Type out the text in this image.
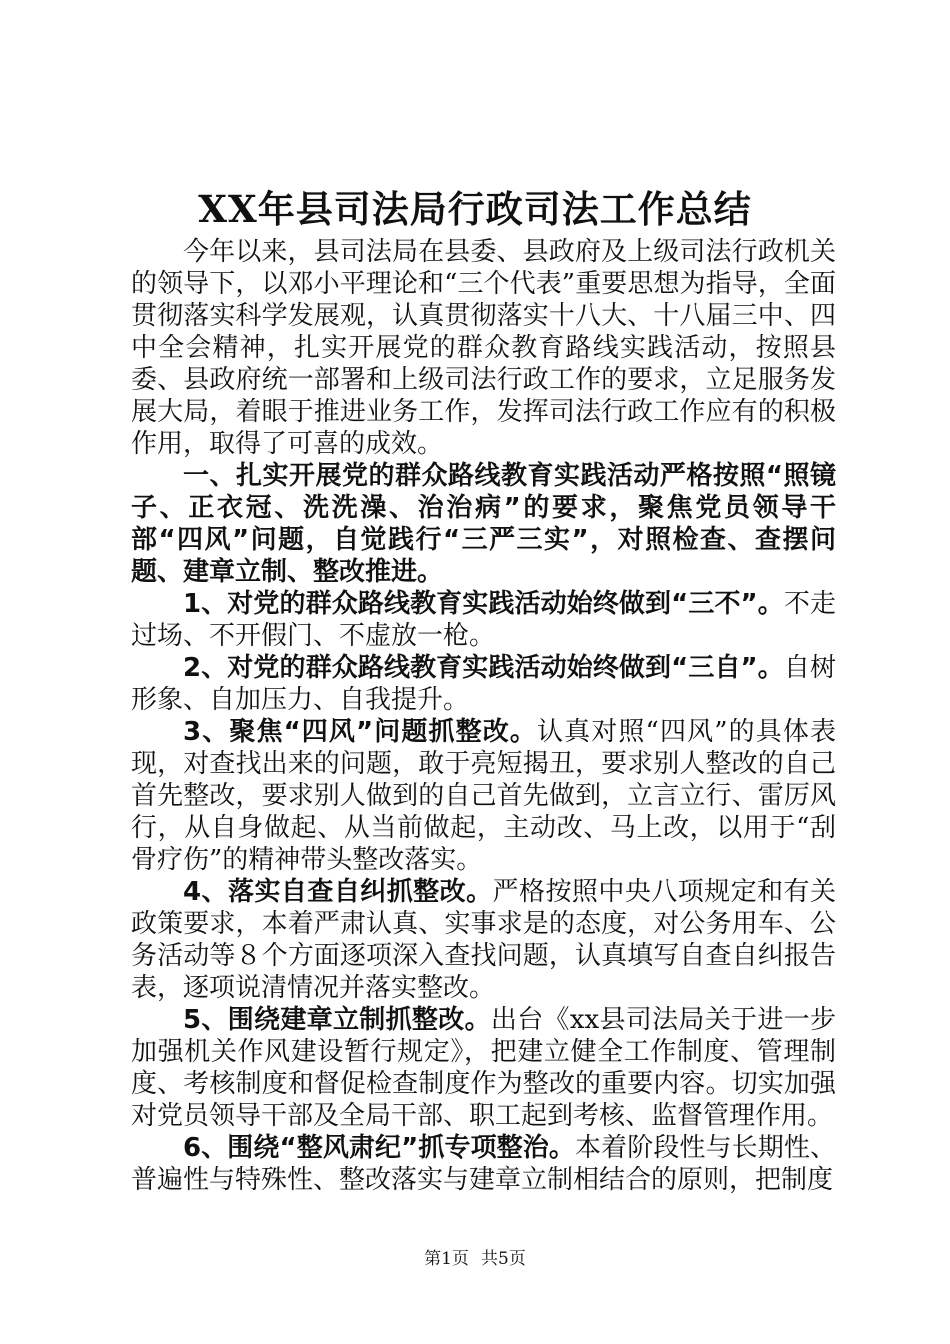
XX年县司法局行政司法工作总结

今年以来，县司法局在县委、县政府及上级司法行政机关的领导下，以邓小平理论和“三个代表”重要思想为指导，全面贯彻落实科学发展观，认真贯彻落实十八大、十八届三中、四中全会精神，扎实开展党的群众教育路线实践活动，按照县委、县政府统一部署和上级司法行政工作的要求，立足服务发展大局，着眼于推进业务工作，发挥司法行政工作应有的积极作用，取得了可喜的成效。

一、扎实开展党的群众路线教育实践活动严格按照“照镜子、正衣冠、洗洗澡、治治病”的要求，聚焦党员领导干部“四风”问题，自觉践行“三严三实”，对照检查、查摆问题、建章立制、整改推进。

1、对党的群众路线教育实践活动始终做到“三不”。不走过场、不开假门、不虚放一枪。

2、对党的群众路线教育实践活动始终做到“三自”。自树形象、自加压力、自我提升。

3、聚焦“四风”问题抓整改。认真对照“四风”的具体表现，对查找出来的问题，敢于亮短揭丑，要求别人整改的自己首先整改，要求别人做到的自己首先做到，立言立行、雷厉风行，从自身做起、从当前做起，主动改、马上改，以用于“刮骨疗伤”的精神带头整改落实。

4、落实自查自纠抓整改。严格按照中央八项规定和有关政策要求，本着严肃认真、实事求是的态度，对公务用车、公务活动等８个方面逐项深入查找问题，认真填写自查自纠报告表，逐项说清情况并落实整改。

5、围绕建章立制抓整改。出台《xx县司法局关于进一步加强机关作风建设暂行规定》，把建立健全工作制度、管理制度、考核制度和督促检查制度作为整改的重要内容。切实加强对党员领导干部及全局干部、职工起到考核、监督管理作用。

6、围绕“整风肃纪”抓专项整治。本着阶段性与长期性、普遍性与特殊性、整改落实与建章立制相结合的原则，把制度

第1页 共5页
